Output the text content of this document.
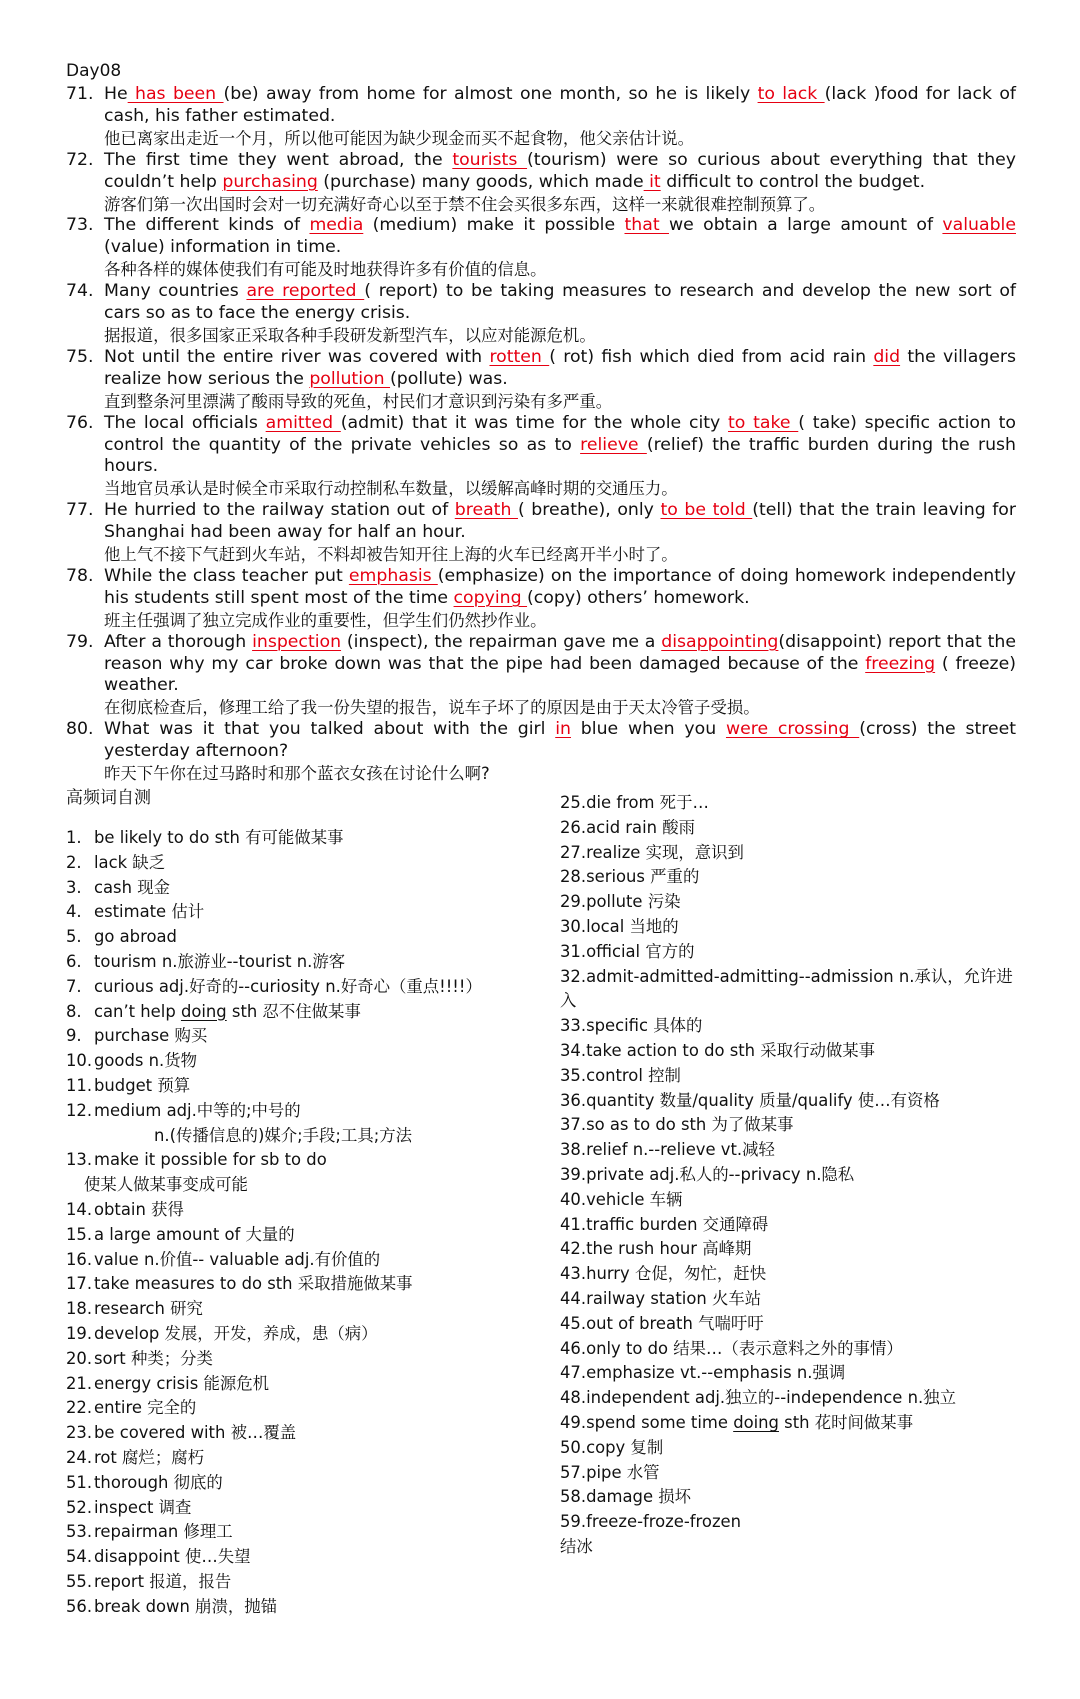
Day08
71. He has been (be) away from home for almost one month, so he is likely to lack (lack )food for lack of cash, his father estimated.
他已离家出走近一个月，所以他可能因为缺少现金而买不起食物，他父亲估计说。
72. The first time they went abroad, the tourists (tourism) were so curious about everything that they couldn’t help purchasing (purchase) many goods, which made it difficult to control the budget.
游客们第一次出国时会对一切充满好奇心以至于禁不住会买很多东西，这样一来就很难控制预算了。
73. The different kinds of media (medium) make it possible that we obtain a large amount of valuable (value) information in time.
各种各样的媒体使我们有可能及时地获得许多有价值的信息。
74. Many countries are reported ( report) to be taking measures to research and develop the new sort of cars so as to face the energy crisis.
据报道，很多国家正采取各种手段研发新型汽车，以应对能源危机。
75. Not until the entire river was covered with rotten ( rot) fish which died from acid rain did the villagers realize how serious the pollution (pollute) was.
直到整条河里漂满了酸雨导致的死鱼，村民们才意识到污染有多严重。
76. The local officials amitted (admit) that it was time for the whole city to take ( take) specific action to control the quantity of the private vehicles so as to relieve (relief) the traffic burden during the rush hours.
当地官员承认是时候全市采取行动控制私车数量，以缓解高峰时期的交通压力。
77. He hurried to the railway station out of breath ( breathe), only to be told (tell) that the train leaving for Shanghai had been away for half an hour.
他上气不接下气赶到火车站，不料却被告知开往上海的火车已经离开半小时了。
78. While the class teacher put emphasis (emphasize) on the importance of doing homework independently his students still spent most of the time copying (copy) others’ homework.
班主任强调了独立完成作业的重要性，但学生们仍然抄作业。
79. After a thorough inspection (inspect), the repairman gave me a disappointing(disappoint) report that the reason why my car broke down was that the pipe had been damaged because of the freezing ( freeze) weather.
在彻底检查后，修理工给了我一份失望的报告，说车子坏了的原因是由于天太冷管子受损。
80. What was it that you talked about with the girl in blue when you were crossing (cross) the street yesterday afternoon?
昨天下午你在过马路时和那个蓝衣女孩在讨论什么啊?
高频词自测
1. be likely to do sth 有可能做某事
2. lack 缺乏
3. cash 现金
4. estimate 估计
5. go abroad
6. tourism n.旅游业--tourist n.游客
7. curious adj.好奇的--curiosity n.好奇心（重点!!!!）
8. can’t help doing sth 忍不住做某事
9. purchase 购买
10. goods n.货物
11. budget 预算
12. medium adj.中等的;中号的
n.(传播信息的)媒介;手段;工具;方法
13. make it possible for sb to do
使某人做某事变成可能
14. obtain 获得
15. a large amount of 大量的
16. value n.价值-- valuable adj.有价值的
17. take measures to do sth 采取措施做某事
18. research 研究
19. develop 发展，开发，养成，患（病）
20. sort 种类；分类
21. energy crisis 能源危机
22. entire 完全的
23. be covered with 被…覆盖
24. rot 腐烂；腐朽
51. thorough 彻底的
52. inspect 调查
53. repairman 修理工
54. disappoint 使…失望
55. report 报道，报告
56. break down 崩溃，抛锚
25.die from 死于…
26.acid rain 酸雨
27.realize 实现，意识到
28.serious 严重的
29.pollute 污染
30.local 当地的
31.official 官方的
32.admit-admitted-admitting--admission n.承认，允许进入
33.specific 具体的
34.take action to do sth 采取行动做某事
35.control 控制
36.quantity 数量/quality 质量/qualify 使…有资格
37.so as to do sth 为了做某事
38.relief n.--relieve vt.减轻
39.private adj.私人的--privacy n.隐私
40.vehicle 车辆
41.traffic burden 交通障碍
42.the rush hour 高峰期
43.hurry 仓促，匆忙，赶快
44.railway station 火车站
45.out of breath 气喘吁吁
46.only to do 结果…（表示意料之外的事情）
47.emphasize vt.--emphasis n.强调
48.independent adj.独立的--independence n.独立
49.spend some time doing sth 花时间做某事
50.copy 复制
57.pipe 水管
58.damage 损坏
59.freeze-froze-frozen
结冰
